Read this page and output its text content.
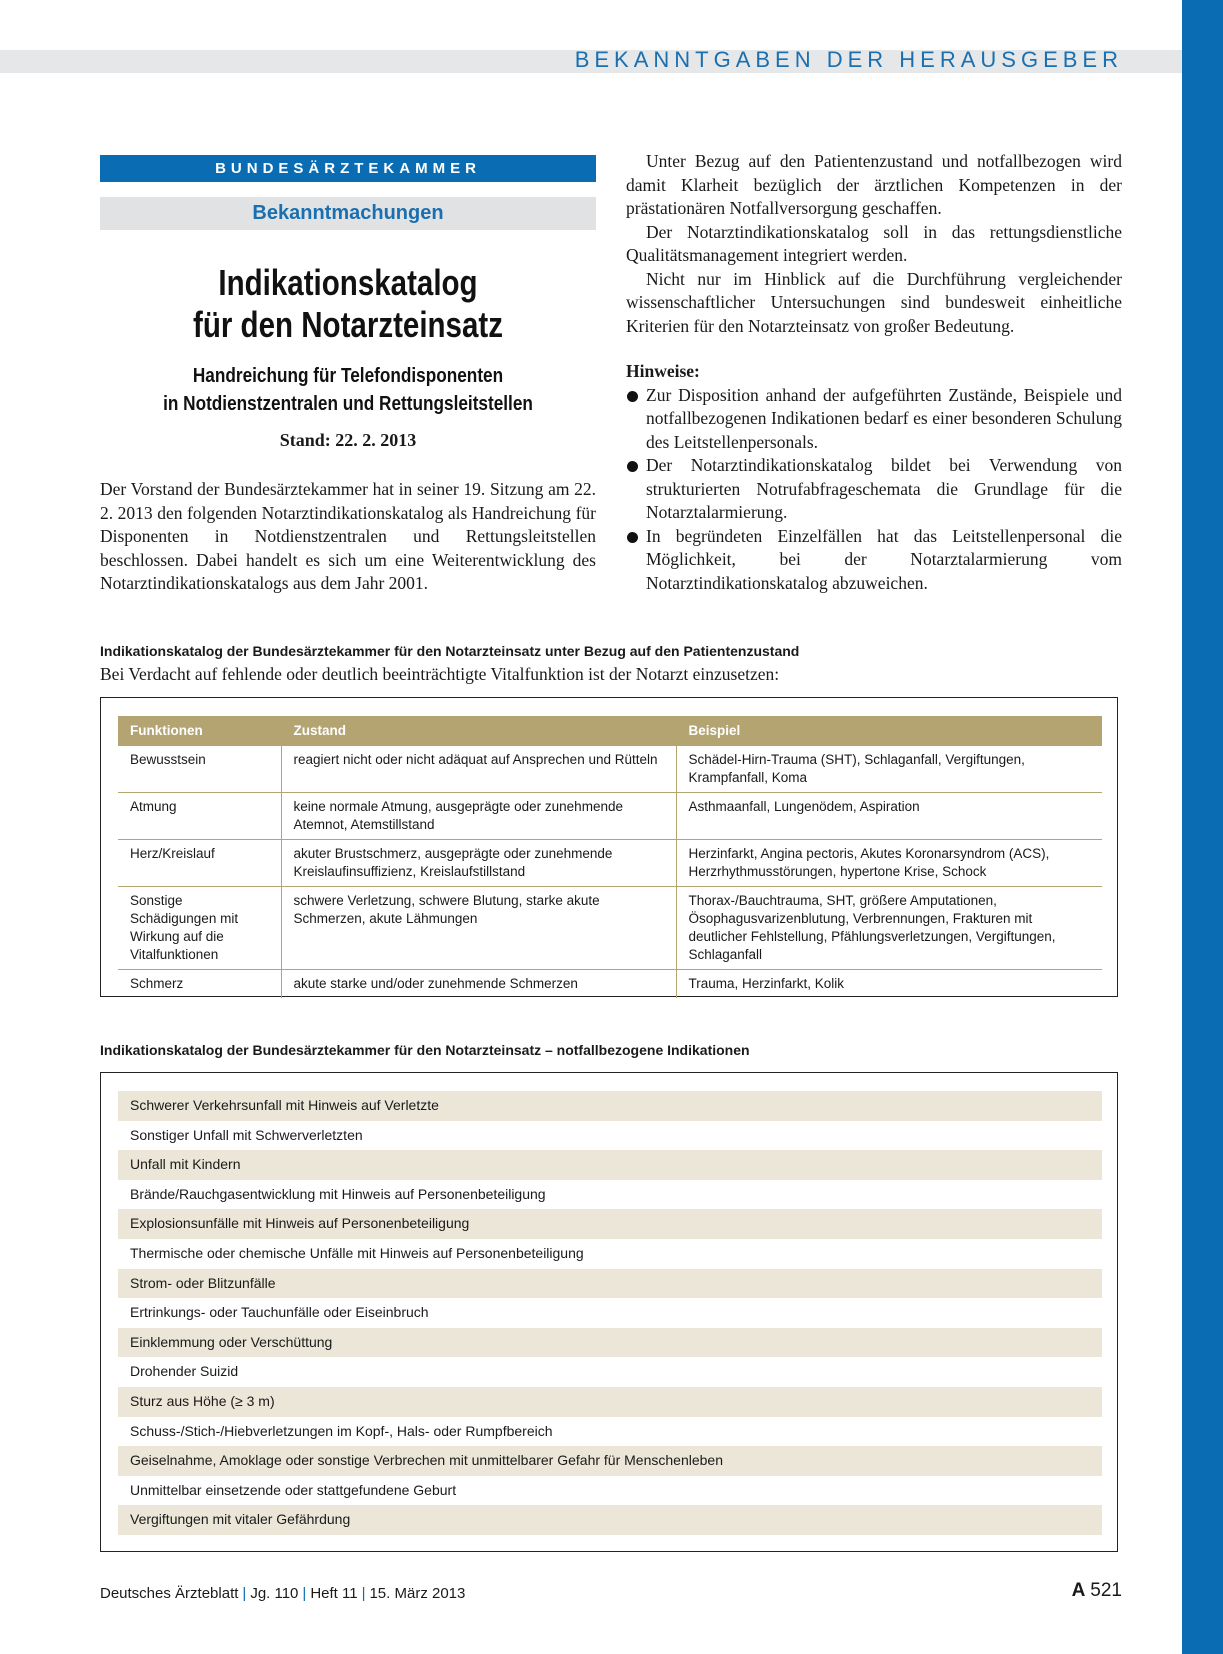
BEKANNTGABEN DER HERAUSGEBER
BUNDESÄRZTEKAMMER
Bekanntmachungen
Indikationskatalog
für den Notarzteinsatz
Handreichung für Telefondisponenten
in Notdienstzentralen und Rettungsleitstellen
Stand: 22. 2. 2013
Der Vorstand der Bundesärztekammer hat in seiner 19. Sitzung am 22. 2. 2013 den folgenden Notarztindikationskatalog als Handreichung für Disponenten in Notdienstzentralen und Rettungsleitstellen beschlossen. Dabei handelt es sich um eine Weiterentwicklung des Notarztindikationskatalogs aus dem Jahr 2001.

Unter Bezug auf den Patientenzustand und notfallbezogen wird damit Klarheit bezüglich der ärztlichen Kompetenzen in der prästationären Notfallversorgung geschaffen.

Der Notarztindikationskatalog soll in das rettungsdienstliche Qualitätsmanagement integriert werden.

Nicht nur im Hinblick auf die Durchführung vergleichender wissenschaftlicher Untersuchungen sind bundesweit einheitliche Kriterien für den Notarzteinsatz von großer Bedeutung.

Hinweise:
Zur Disposition anhand der aufgeführten Zustände, Beispiele und notfallbezogenen Indikationen bedarf es einer besonderen Schulung des Leitstellenpersonals.
Der Notarztindikationskatalog bildet bei Verwendung von strukturierten Notrufabfrageschemata die Grundlage für die Notarztalarmierung.
In begründeten Einzelfällen hat das Leitstellenpersonal die Möglichkeit, bei der Notarztalarmierung vom Notarztindikationskatalog abzuweichen.
Indikationskatalog der Bundesärztekammer für den Notarzteinsatz unter Bezug auf den Patientenzustand
Bei Verdacht auf fehlende oder deutlich beeinträchtigte Vitalfunktion ist der Notarzt einzusetzen:
Funktionen	Zustand	Beispiel
Bewusstsein	reagiert nicht oder nicht adäquat auf Ansprechen und Rütteln	Schädel-Hirn-Trauma (SHT), Schlaganfall, Vergiftungen, Krampfanfall, Koma
Atmung	keine normale Atmung, ausgeprägte oder zunehmende Atemnot, Atemstillstand	Asthmaanfall, Lungenödem, Aspiration
Herz/Kreislauf	akuter Brustschmerz, ausgeprägte oder zunehmende Kreislaufinsuffizienz, Kreislaufstillstand	Herzinfarkt, Angina pectoris, Akutes Koronarsyndrom (ACS), Herzrhythmusstörungen, hypertone Krise, Schock
Sonstige Schädigungen mit Wirkung auf die Vitalfunktionen	schwere Verletzung, schwere Blutung, starke akute Schmerzen, akute Lähmungen	Thorax-/Bauchtrauma, SHT, größere Amputationen, Ösophagusvarizenblutung, Verbrennungen, Frakturen mit deutlicher Fehlstellung, Pfählungsverletzungen, Vergiftungen, Schlaganfall
Schmerz	akute starke und/oder zunehmende Schmerzen	Trauma, Herzinfarkt, Kolik
Indikationskatalog der Bundesärztekammer für den Notarzteinsatz – notfallbezogene Indikationen
Schwerer Verkehrsunfall mit Hinweis auf Verletzte
Sonstiger Unfall mit Schwerverletzten
Unfall mit Kindern
Brände/Rauchgasentwicklung mit Hinweis auf Personenbeteiligung
Explosionsunfälle mit Hinweis auf Personenbeteiligung
Thermische oder chemische Unfälle mit Hinweis auf Personenbeteiligung
Strom- oder Blitzunfälle
Ertrinkungs- oder Tauchunfälle oder Eiseinbruch
Einklemmung oder Verschüttung
Drohender Suizid
Sturz aus Höhe (≥ 3 m)
Schuss-/Stich-/Hiebverletzungen im Kopf-, Hals- oder Rumpfbereich
Geiselnahme, Amoklage oder sonstige Verbrechen mit unmittelbarer Gefahr für Menschenleben
Unmittelbar einsetzende oder stattgefundene Geburt
Vergiftungen mit vitaler Gefährdung
Deutsches Ärzteblatt | Jg. 110 | Heft 11 | 15. März 2013	A 521
